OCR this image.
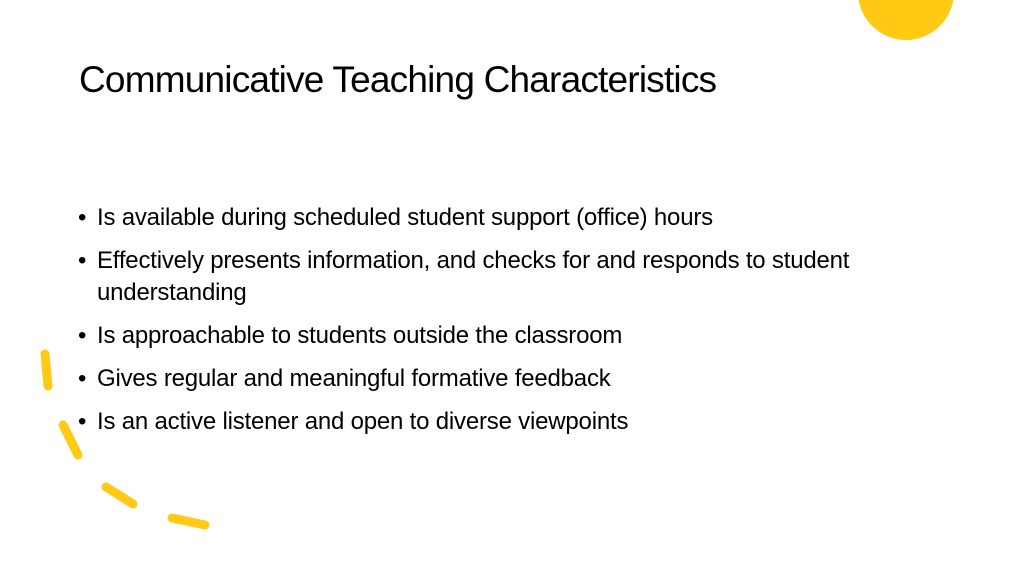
Communicative Teaching Characteristics
• Is available during scheduled student support (office) hours
• Effectively presents information, and checks for and responds to student understanding
• Is approachable to students outside the classroom
• Gives regular and meaningful formative feedback
• Is an active listener and open to diverse viewpoints
